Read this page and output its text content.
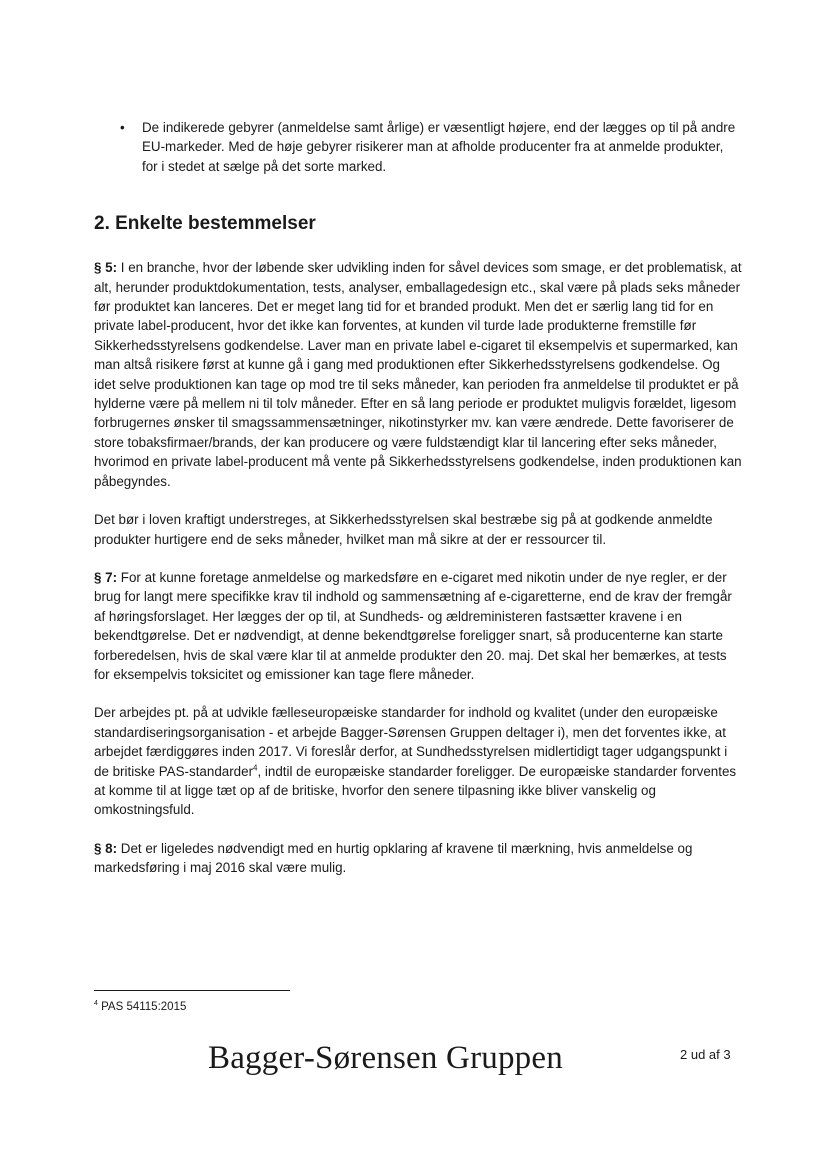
•	De indikerede gebyrer (anmeldelse samt årlige) er væsentligt højere, end der lægges op til på andre EU-markeder. Med de høje gebyrer risikerer man at afholde producenter fra at anmelde produkter, for i stedet at sælge på det sorte marked.
2. Enkelte bestemmelser

§ 5: I en branche, hvor der løbende sker udvikling inden for såvel devices som smage, er det problematisk, at alt, herunder produktdokumentation, tests, analyser, emballagedesign etc., skal være på plads seks måneder før produktet kan lanceres. Det er meget lang tid for et branded produkt. Men det er særlig lang tid for en private label-producent, hvor det ikke kan forventes, at kunden vil turde lade produkterne fremstille før Sikkerhedsstyrelsens godkendelse. Laver man en private label e-cigaret til eksempelvis et supermarked, kan man altså risikere først at kunne gå i gang med produktionen efter Sikkerhedsstyrelsens godkendelse. Og idet selve produktionen kan tage op mod tre til seks måneder, kan perioden fra anmeldelse til produktet er på hylderne være på mellem ni til tolv måneder. Efter en så lang periode er produktet muligvis forældet, ligesom forbrugernes ønsker til smagssammensætninger, nikotinstyrker mv. kan være ændrede. Dette favoriserer de store tobaksfirmaer/brands, der kan producere og være fuldstændigt klar til lancering efter seks måneder, hvorimod en private label-producent må vente på Sikkerhedsstyrelsens godkendelse, inden produktionen kan påbegyndes.

Det bør i loven kraftigt understreges, at Sikkerhedsstyrelsen skal bestræbe sig på at godkende anmeldte produkter hurtigere end de seks måneder, hvilket man må sikre at der er ressourcer til.

§ 7: For at kunne foretage anmeldelse og markedsføre en e-cigaret med nikotin under de nye regler, er der brug for langt mere specifikke krav til indhold og sammensætning af e-cigaretterne, end de krav der fremgår af høringsforslaget. Her lægges der op til, at Sundheds- og ældreministeren fastsætter kravene i en bekendtgørelse. Det er nødvendigt, at denne bekendtgørelse foreligger snart, så producenterne kan starte forberedelsen, hvis de skal være klar til at anmelde produkter den 20. maj. Det skal her bemærkes, at tests for eksempelvis toksicitet og emissioner kan tage flere måneder.

Der arbejdes pt. på at udvikle fælleseuropæiske standarder for indhold og kvalitet (under den europæiske standardiseringsorganisation - et arbejde Bagger-Sørensen Gruppen deltager i), men det forventes ikke, at arbejdet færdiggøres inden 2017. Vi foreslår derfor, at Sundhedsstyrelsen midlertidigt tager udgangspunkt i de britiske PAS-standarder$^4$, indtil de europæiske standarder foreligger. De europæiske standarder forventes at komme til at ligge tæt op af de britiske, hvorfor den senere tilpasning ikke bliver vanskelig og omkostningsfuld.

§ 8: Det er ligeledes nødvendigt med en hurtig opklaring af kravene til mærkning, hvis anmeldelse og markedsføring i maj 2016 skal være mulig.

$^4$ PAS 54115:2015
Bagger-Sørensen Gruppen	2 ud af 3
